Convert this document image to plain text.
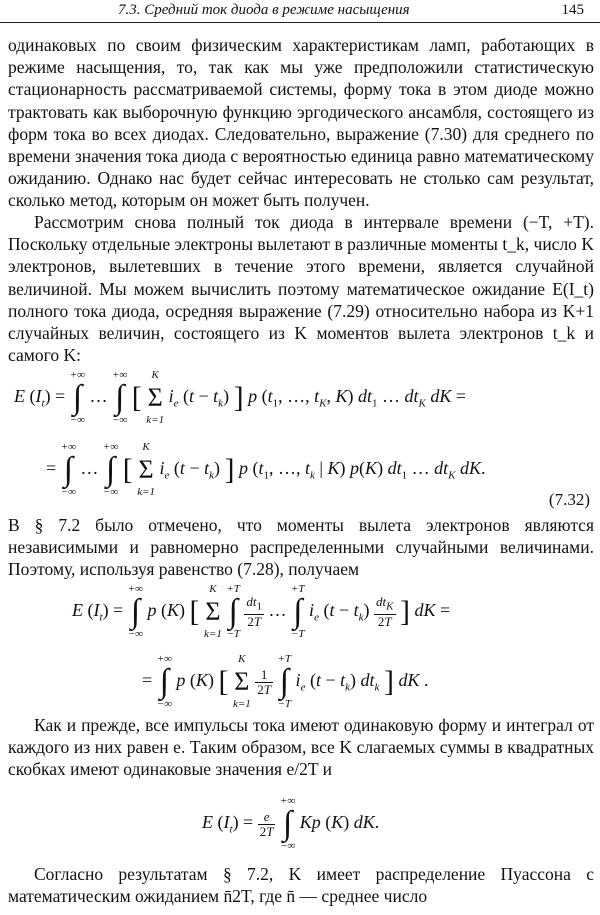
7.3. Средний ток диода в режиме насыщения	145
одинаковых по своим физическим характеристикам ламп, работающих в режиме насыщения, то, так как мы уже предположили статистическую стационарность рассматриваемой системы, форму тока в этом диоде можно трактовать как выборочную функцию эргодического ансамбля, состоящего из форм тока во всех диодах. Следовательно, выражение (7.30) для среднего по времени значения тока диода с вероятностью единица равно математическому ожиданию. Однако нас будет сейчас интересовать не столько сам результат, сколько метод, которым он может быть получен.
Рассмотрим снова полный ток диода в интервале времени (−T, +T). Поскольку отдельные электроны вылетают в различные моменты t_k, число K электронов, вылетевших в течение этого времени, является случайной величиной. Мы можем вычислить поэтому математическое ожидание E(I_t) полного тока диода, осредняя выражение (7.29) относительно набора из K+1 случайных величин, состоящего из K моментов вылета электронов t_k и самого K:
E $(I_t)$ =
+∞
∫
−∞
…
+∞
∫
−∞
[
K
Σ
k=1
$i_e$ $(t - t_k)$ ] p ($t_1$, …, $t_K$, K) $dt_1$ … $dt_K$ dK =
=
+∞
∫
−∞
…
+∞
∫
−∞
[
K
Σ
k=1
$i_e$ $(t - t_k)$ ] p ($t_1$, …, $t_k$ | K) p(K) $dt_1$ … $dt_K$ dK.
(7.32)
В § 7.2 было отмечено, что моменты вылета электронов являются независимыми и равномерно распределенными случайными величинами. Поэтому, используя равенство (7.28), получаем
E $(I_t)$ =
+∞
∫
−∞
p (K) [
K
Σ
k=1

+T
∫
−T

$\frac{dt_1}{2T}$ …
+T
∫
−T
$i_e$ $(t - t_k) \frac{dt_K}{2T}$ ] dK =
=
+∞
∫
−∞
p (K) [
K
Σ
k=1

$\frac{1}{2T}$

+T
∫
−T
$i_e$ $(t - t_k)$ $dt_k$ ] dK .
Как и прежде, все импульсы тока имеют одинаковую форму и интеграл от каждого из них равен e. Таким образом, все K слагаемых суммы в квадратных скобках имеют одинаковые значения e/2T и
E $(I_t) = \frac{e}{2T}$

+∞
∫
−∞
Kp (K) dK.
Согласно результатам § 7.2, K имеет распределение Пуассона с математическим ожиданием n̄2T, где n̄ — среднее число
